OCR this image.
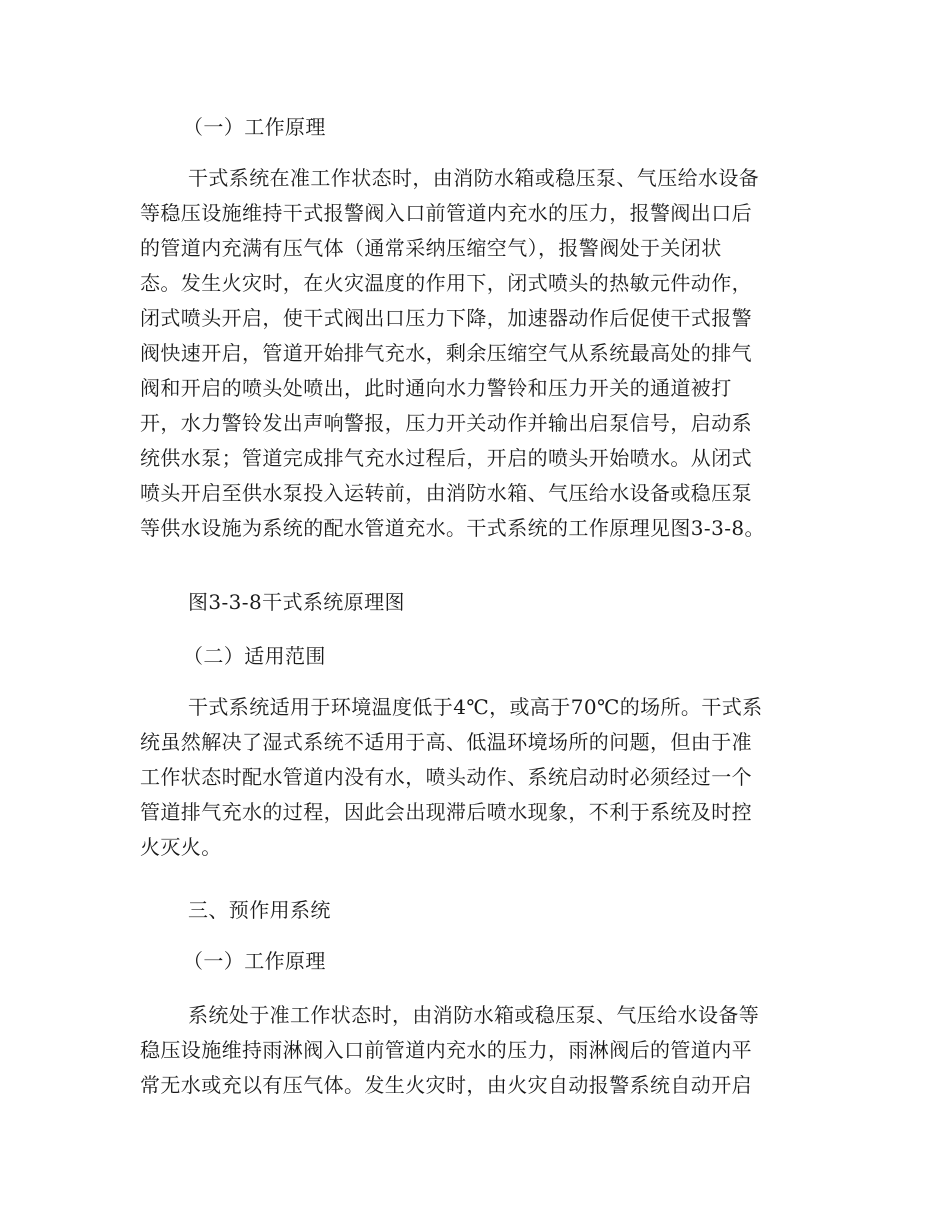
（一）工作原理
干式系统在准工作状态时，由消防水箱或稳压泵、气压给水设备
等稳压设施维持干式报警阀入口前管道内充水的压力，报警阀出口后
的管道内充满有压气体（通常采纳压缩空气），报警阀处于关闭状
态。发生火灾时，在火灾温度的作用下，闭式喷头的热敏元件动作，
闭式喷头开启，使干式阀出口压力下降，加速器动作后促使干式报警
阀快速开启，管道开始排气充水，剩余压缩空气从系统最高处的排气
阀和开启的喷头处喷出，此时通向水力警铃和压力开关的通道被打
开，水力警铃发出声响警报，压力开关动作并输出启泵信号，启动系
统供水泵；管道完成排气充水过程后，开启的喷头开始喷水。从闭式
喷头开启至供水泵投入运转前，由消防水箱、气压给水设备或稳压泵
等供水设施为系统的配水管道充水。干式系统的工作原理见图3-3-8。
图3-3-8干式系统原理图
（二）适用范围
干式系统适用于环境温度低于4℃，或高于70℃的场所。干式系
统虽然解决了湿式系统不适用于高、低温环境场所的问题，但由于准
工作状态时配水管道内没有水，喷头动作、系统启动时必须经过一个
管道排气充水的过程，因此会出现滞后喷水现象，不利于系统及时控
火灭火。
三、预作用系统
（一）工作原理
系统处于准工作状态时，由消防水箱或稳压泵、气压给水设备等
稳压设施维持雨淋阀入口前管道内充水的压力，雨淋阀后的管道内平
常无水或充以有压气体。发生火灾时，由火灾自动报警系统自动开启
